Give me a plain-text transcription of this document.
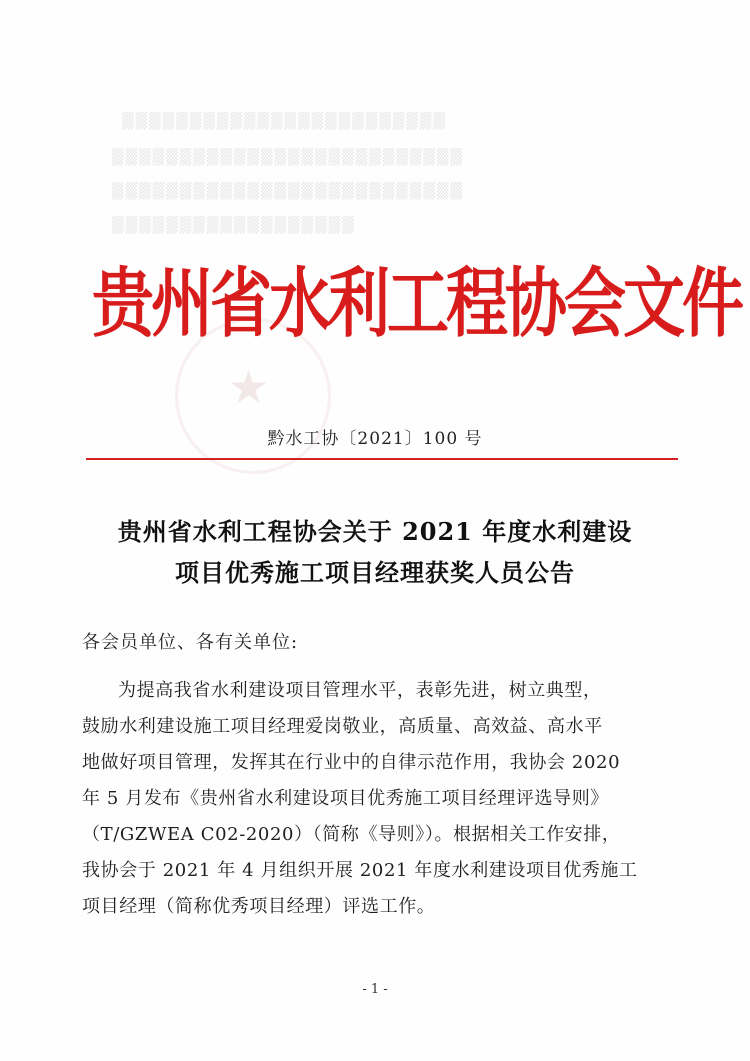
▒▒▒▒▒▒▒▒▒▒▒▒▒▒▒▒▒▒▒▒▒▒▒▒
▒▒▒▒▒▒▒▒▒▒▒▒▒▒▒▒▒▒▒▒▒▒▒▒▒▒
▒▒▒▒▒▒▒▒▒▒▒▒▒▒▒▒▒▒▒▒▒▒▒▒▒▒
▒▒▒▒▒▒▒▒▒▒▒▒▒▒▒▒▒▒
★
贵州省水利工程协会文件
黔水工协〔2021〕100 号
贵州省水利工程协会关于 2021 年度水利建设
项目优秀施工项目经理获奖人员公告
各会员单位、各有关单位:
为提高我省水利建设项目管理水平，表彰先进，树立典型，
鼓励水利建设施工项目经理爱岗敬业，高质量、高效益、高水平
地做好项目管理，发挥其在行业中的自律示范作用，我协会 2020
年 5 月发布《贵州省水利建设项目优秀施工项目经理评选导则》
（T/GZWEA C02-2020）（简称《导则》）。根据相关工作安排，
我协会于 2021 年 4 月组织开展 2021 年度水利建设项目优秀施工
项目经理（简称优秀项目经理）评选工作。
- 1 -
